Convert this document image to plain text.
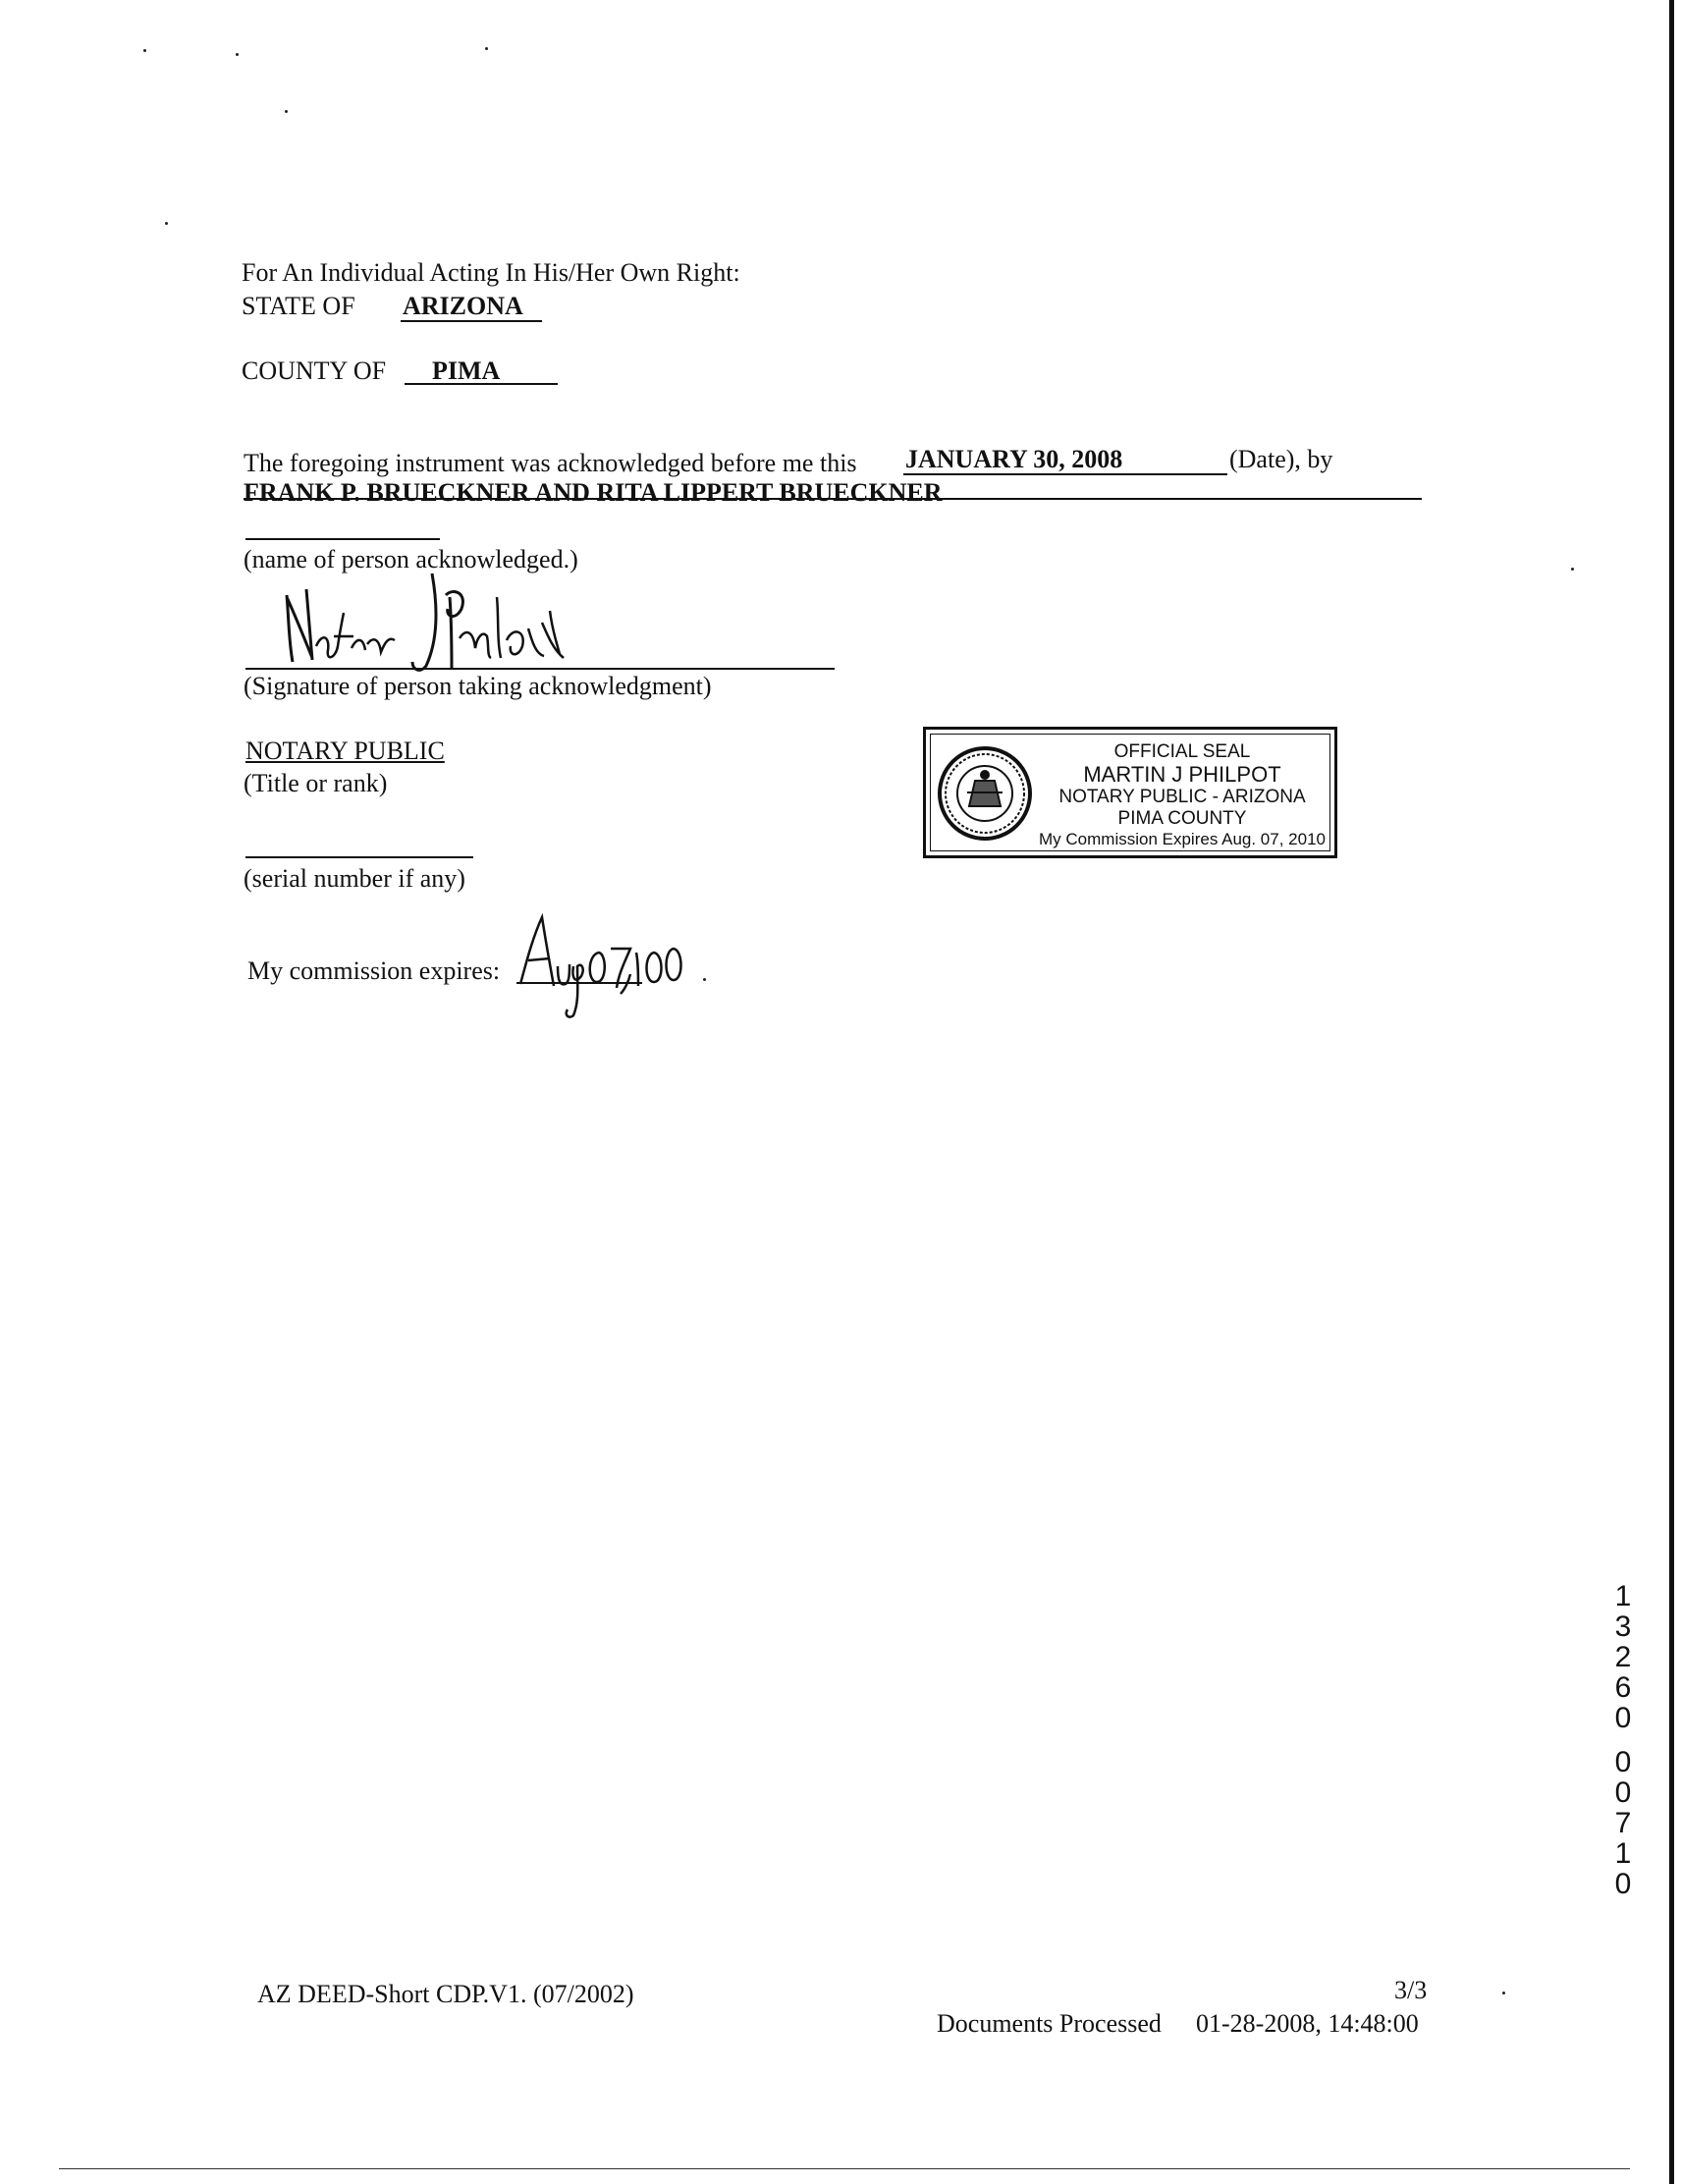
For An Individual Acting In His/Her Own Right:
STATE OF ARIZONA
COUNTY OF PIMA
The foregoing instrument was acknowledged before me this JANUARY 30, 2008	(Date), by
FRANK P. BRUECKNER AND RITA LIPPERT BRUECKNER
(name of person acknowledged.)
(Signature of person taking acknowledgment)
NOTARY PUBLIC
(Title or rank)
(serial number if any)
My commission expires:
OFFICIAL SEAL
MARTIN J PHILPOT
NOTARY PUBLIC - ARIZONA
PIMA COUNTY
My Commission Expires Aug. 07, 2010
1
3
2
6
0
0
0
7
1
0
AZ DEED-Short CDP.V1. (07/2002)	3/3
Documents Processed 01-28-2008, 14:48:00
